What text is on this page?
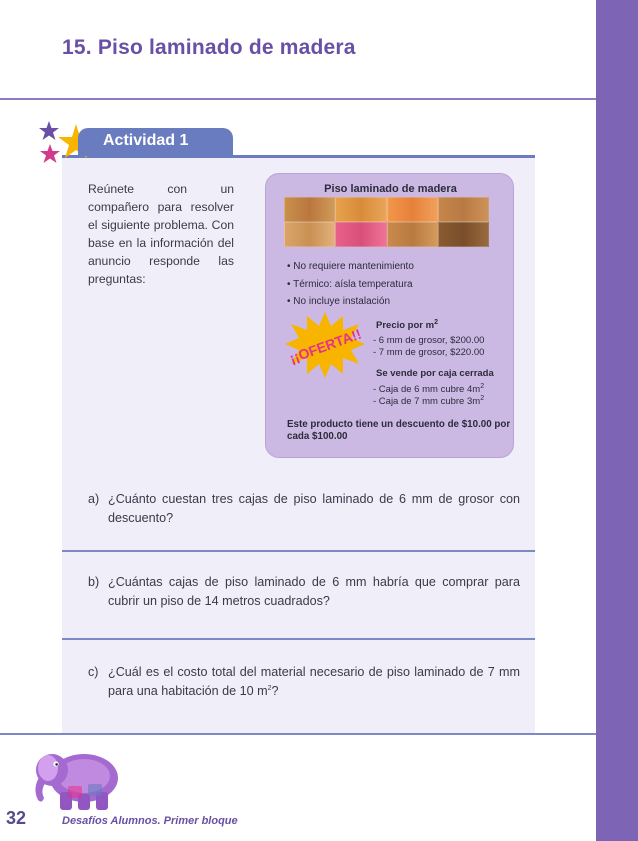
15. Piso laminado de madera
Actividad 1

Reúnete con un compañero para resolver el siguiente problema. Con base en la información del anuncio responde las preguntas:

Piso laminado de madera
• No requiere mantenimiento
• Térmico: aísla temperatura
• No incluye instalación
¡¡OFERTA!!
Precio por $m^2$
- 6 mm de grosor, $200.00
- 7 mm de grosor, $220.00
Se vende por caja cerrada
- Caja de 6 mm cubre $4m^2$
- Caja de 7 mm cubre $3m^2$
Este producto tiene un descuento de $10.00 por cada $100.00
a) ¿Cuánto cuestan tres cajas de piso laminado de 6 mm de grosor con descuento?
b) ¿Cuántas cajas de piso laminado de 6 mm habría que comprar para cubrir un piso de 14 metros cuadrados?
c) ¿Cuál es el costo total del material necesario de piso laminado de 7 mm para una habitación de 10 $m^2$?
32	Desafíos Alumnos. Primer bloque
